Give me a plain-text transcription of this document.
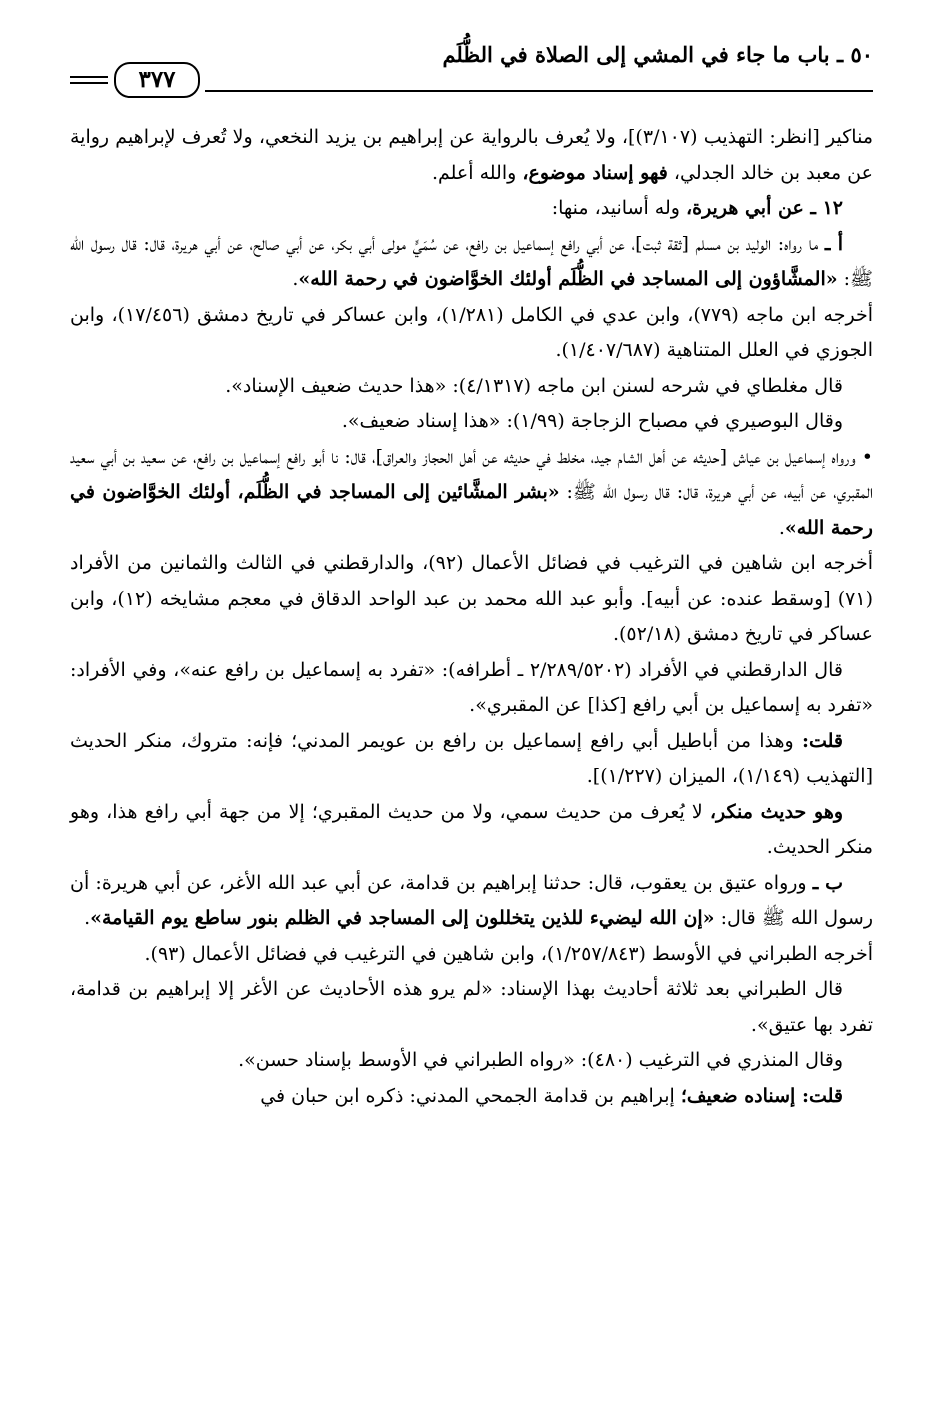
٥٠ ـ باب ما جاء في المشي إلى الصلاة في الظُّلَم
٣٧٧

مناكير [انظر: التهذيب (٣/١٠٧)]، ولا يُعرف بالرواية عن إبراهيم بن يزيد النخعي، ولا تُعرف لإبراهيم رواية عن معبد بن خالد الجدلي، فهو إسناد موضوع، والله أعلم.

١٢ ـ عن أبي هريرة، وله أسانيد، منها:

أ ـ ما رواه: الوليد بن مسلم [ثقة ثبت]، عن أبي رافع إسماعيل بن رافع، عن سُمَيٍّ مولى أبي بكر، عن أبي صالح، عن أبي هريرة، قال: قال رسول الله ﷺ: «المشَّاؤون إلى المساجد في الظُّلَم أولئك الخوَّاضون في رحمة الله».

أخرجه ابن ماجه (٧٧٩)، وابن عدي في الكامل (١/٢٨١)، وابن عساكر في تاريخ دمشق (١٧/٤٥٦)، وابن الجوزي في العلل المتناهية (١/٤٠٧/٦٨٧).

قال مغلطاي في شرحه لسنن ابن ماجه (٤/١٣١٧): «هذا حديث ضعيف الإسناد».

وقال البوصيري في مصباح الزجاجة (١/٩٩): «هذا إسناد ضعيف».

• ورواه إسماعيل بن عياش [حديثه عن أهل الشام جيد، مخلط في حديثه عن أهل الحجاز والعراق]، قال: نا أبو رافع إسماعيل بن رافع، عن سعيد بن أبي سعيد المقبري، عن أبيه، عن أبي هريرة، قال: قال رسول الله ﷺ: «بشر المشَّائين إلى المساجد في الظُّلَم، أولئك الخوَّاضون في رحمة الله».

أخرجه ابن شاهين في الترغيب في فضائل الأعمال (٩٢)، والدارقطني في الثالث والثمانين من الأفراد (٧١) [وسقط عنده: عن أبيه]. وأبو عبد الله محمد بن عبد الواحد الدقاق في معجم مشايخه (١٢)، وابن عساكر في تاريخ دمشق (٥٢/١٨).

قال الدارقطني في الأفراد (٢/٢٨٩/٥٢٠٢ ـ أطرافه): «تفرد به إسماعيل بن رافع عنه»، وفي الأفراد: «تفرد به إسماعيل بن أبي رافع [كذا] عن المقبري».

قلت: وهذا من أباطيل أبي رافع إسماعيل بن رافع بن عويمر المدني؛ فإنه: متروك، منكر الحديث [التهذيب (١/١٤٩)، الميزان (١/٢٢٧)].

وهو حديث منكر، لا يُعرف من حديث سمي، ولا من حديث المقبري؛ إلا من جهة أبي رافع هذا، وهو منكر الحديث.

ب ـ ورواه عتيق بن يعقوب، قال: حدثنا إبراهيم بن قدامة، عن أبي عبد الله الأغر، عن أبي هريرة: أن رسول الله ﷺ قال: «إن الله ليضيء للذين يتخللون إلى المساجد في الظلم بنور ساطع يوم القيامة».

أخرجه الطبراني في الأوسط (١/٢٥٧/٨٤٣)، وابن شاهين في الترغيب في فضائل الأعمال (٩٣).

قال الطبراني بعد ثلاثة أحاديث بهذا الإسناد: «لم يرو هذه الأحاديث عن الأغر إلا إبراهيم بن قدامة، تفرد بها عتيق».

وقال المنذري في الترغيب (٤٨٠): «رواه الطبراني في الأوسط بإسناد حسن».

قلت: إسناده ضعيف؛ إبراهيم بن قدامة الجمحي المدني: ذكره ابن حبان في
